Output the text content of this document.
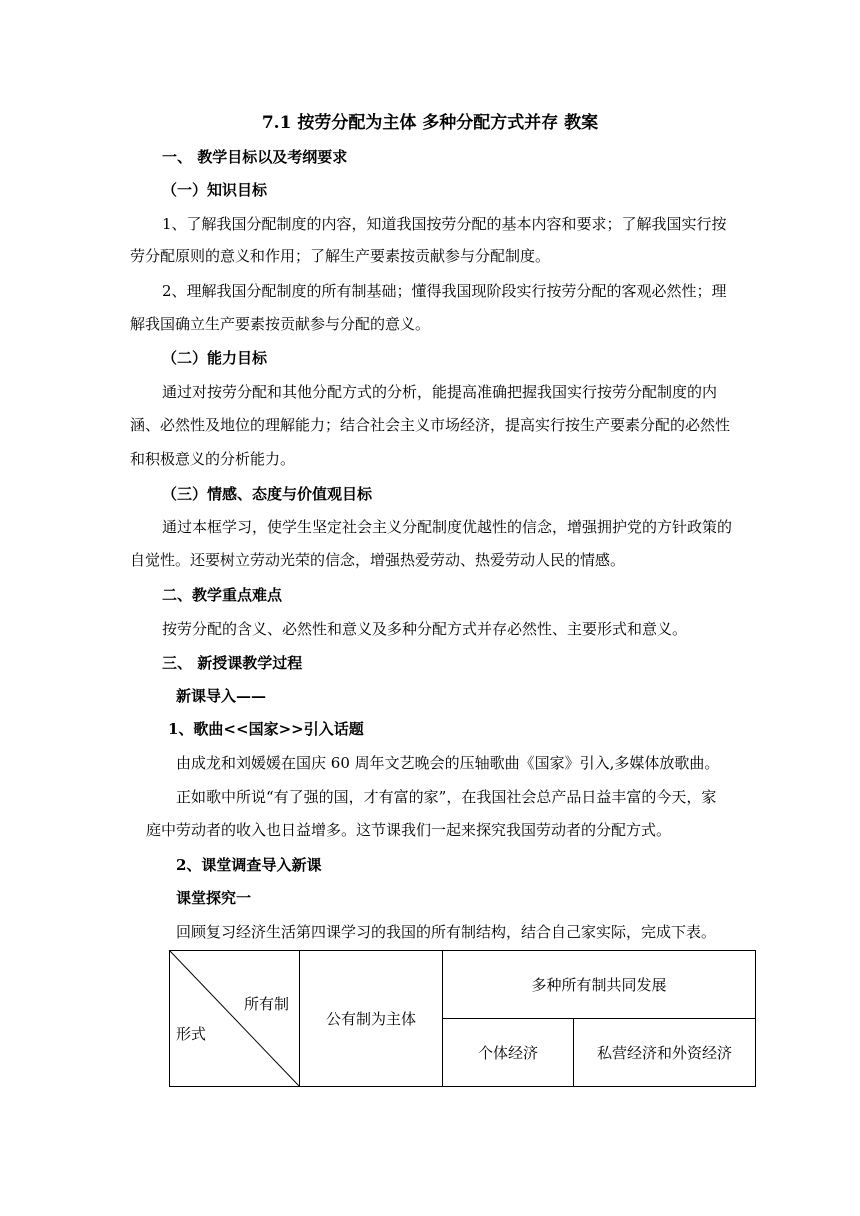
7.1 按劳分配为主体 多种分配方式并存 教案
一、 教学目标以及考纲要求
（一）知识目标
1、了解我国分配制度的内容，知道我国按劳分配的基本内容和要求；了解我国实行按
劳分配原则的意义和作用；了解生产要素按贡献参与分配制度。
2、理解我国分配制度的所有制基础；懂得我国现阶段实行按劳分配的客观必然性；理
解我国确立生产要素按贡献参与分配的意义。
（二）能力目标
通过对按劳分配和其他分配方式的分析，能提高准确把握我国实行按劳分配制度的内
涵、必然性及地位的理解能力；结合社会主义市场经济，提高实行按生产要素分配的必然性
和积极意义的分析能力。
（三）情感、态度与价值观目标
通过本框学习，使学生坚定社会主义分配制度优越性的信念，增强拥护党的方针政策的
自觉性。还要树立劳动光荣的信念，增强热爱劳动、热爱劳动人民的情感。
二、教学重点难点
按劳分配的含义、必然性和意义及多种分配方式并存必然性、主要形式和意义。
三、 新授课教学过程
新课导入——
1、歌曲<<国家>>引入话题
由成龙和刘媛媛在国庆 60 周年文艺晚会的压轴歌曲《国家》引入,多媒体放歌曲。
正如歌中所说“有了强的国，才有富的家”，在我国社会总产品日益丰富的今天，家
庭中劳动者的收入也日益增多。这节课我们一起来探究我国劳动者的分配方式。
2、课堂调查导入新课
课堂探究一
回顾复习经济生活第四课学习的我国的所有制结构，结合自己家实际，完成下表。
所有制
形式	公有制为主体	多种所有制共同发展	
		个体经济	私营经济和外资经济
